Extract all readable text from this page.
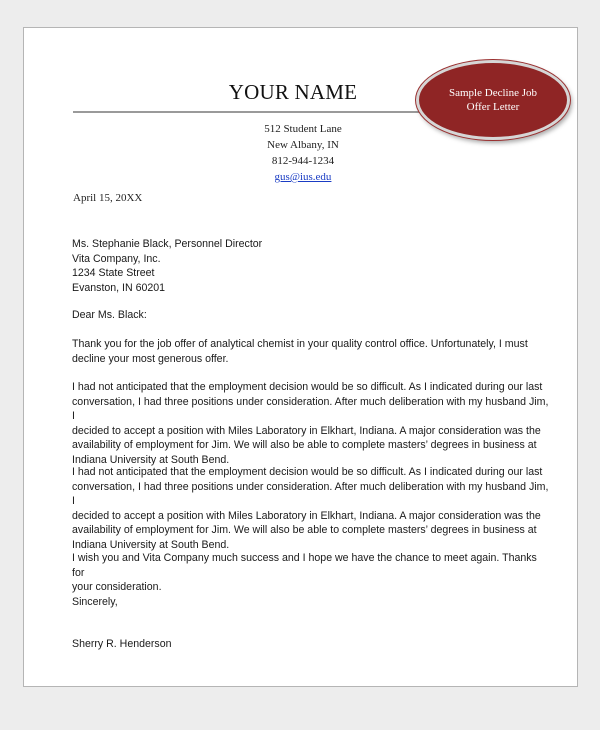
YOUR NAME	Sample Decline Job
Offer Letter
512 Student Lane
New Albany, IN
812-944-1234
gus@ius.edu
April 15, 20XX
Ms. Stephanie Black, Personnel Director
Vita Company, Inc.
1234 State Street
Evanston, IN 60201
Dear Ms. Black:
Thank you for the job offer of analytical chemist in your quality control office. Unfortunately, I must
decline your most generous offer.
I had not anticipated that the employment decision would be so difficult. As I indicated during our last
conversation, I had three positions under consideration. After much deliberation with my husband Jim, I
decided to accept a position with Miles Laboratory in Elkhart, Indiana. A major consideration was the
availability of employment for Jim. We will also be able to complete masters’ degrees in business at
Indiana University at South Bend.
I had not anticipated that the employment decision would be so difficult. As I indicated during our last
conversation, I had three positions under consideration. After much deliberation with my husband Jim, I
decided to accept a position with Miles Laboratory in Elkhart, Indiana. A major consideration was the
availability of employment for Jim. We will also be able to complete masters’ degrees in business at
Indiana University at South Bend.
I wish you and Vita Company much success and I hope we have the chance to meet again. Thanks for
your consideration.
Sincerely,
Sherry R. Henderson
